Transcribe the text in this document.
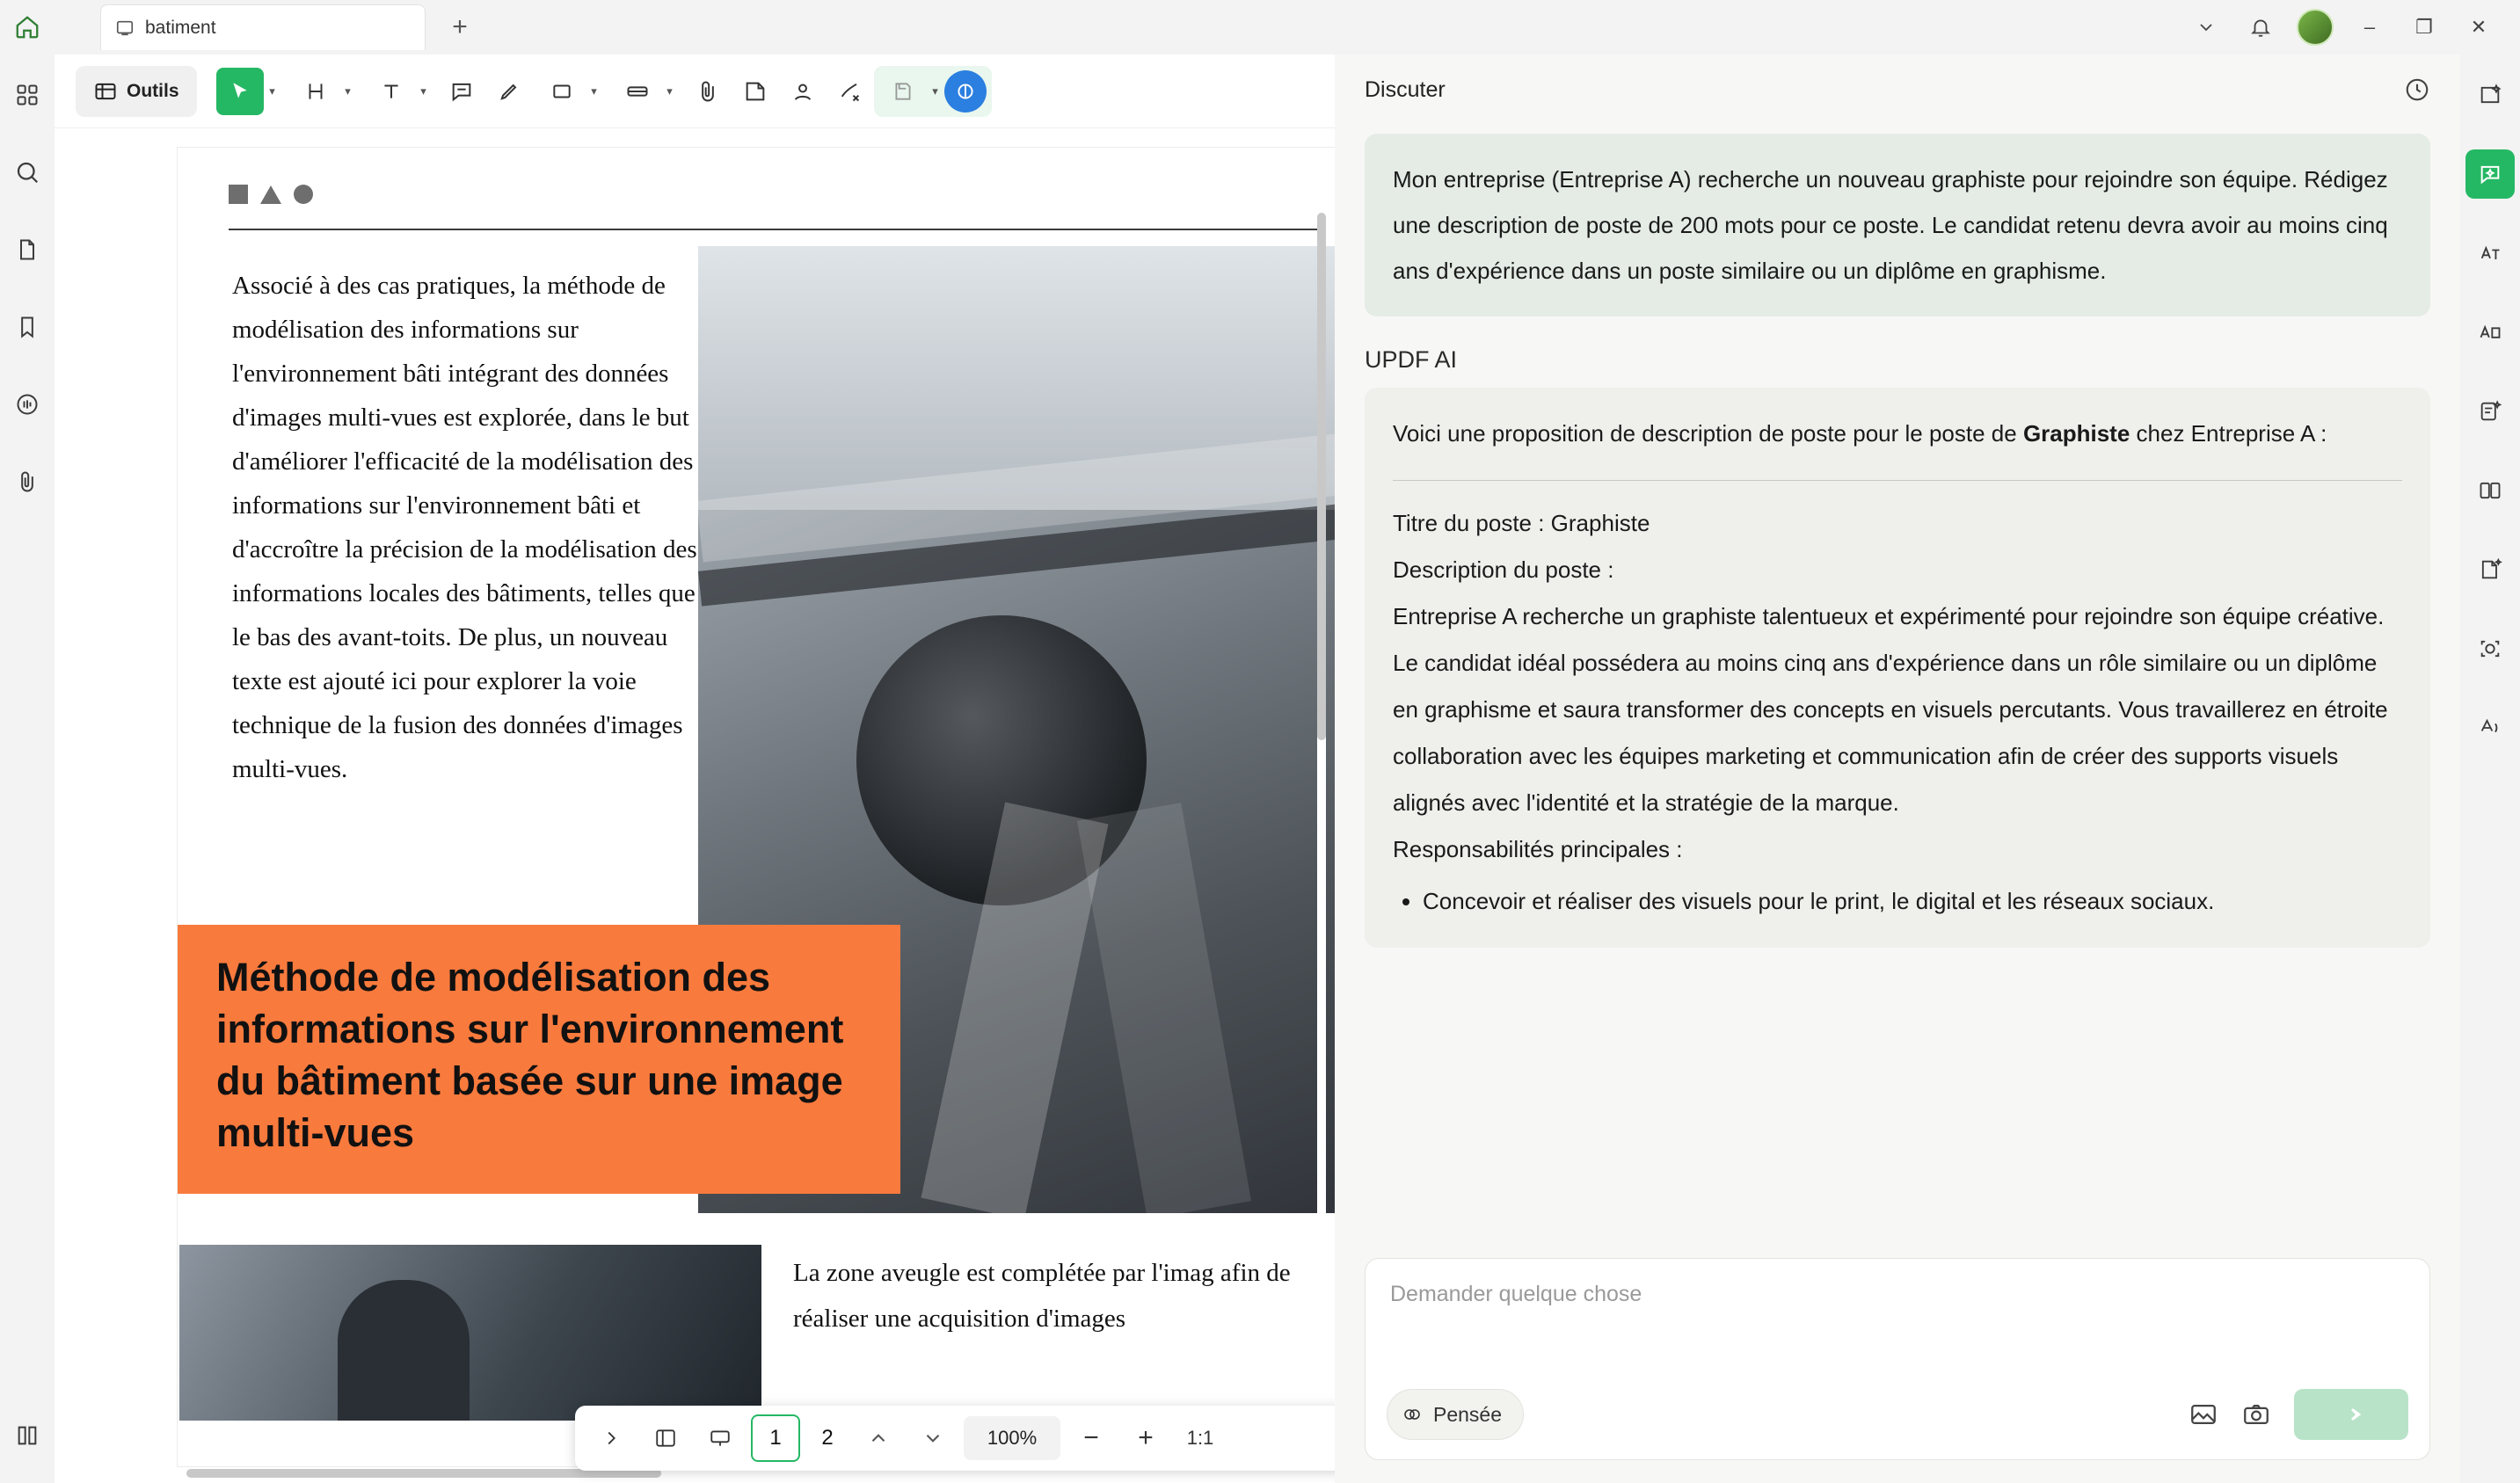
batiment	+	–	❐	✕
Outils	▾	▾	▾	▾	▾	▾
Associé à des cas pratiques, la méthode de modélisation des informations sur l'environnement bâti intégrant des données d'images multi-vues est explorée, dans le but d'améliorer l'efficacité de la modélisation des informations sur l'environnement bâti et d'accroître la précision de la modélisation des informations locales des bâtiments, telles que le bas des avant-toits. De plus, un nouveau texte est ajouté ici pour explorer la voie technique de la fusion des données d'images multi-vues.
Méthode de modélisation des informations sur l'environnement du bâtiment basée sur une image multi-vues
La zone aveugle est complétée par l'imag afin de réaliser une acquisition d'images
1	2	100%	−	+	1:1
Discuter
Mon entreprise (Entreprise A) recherche un nouveau graphiste pour rejoindre son équipe. Rédigez une description de poste de 200 mots pour ce poste. Le candidat retenu devra avoir au moins cinq ans d'expérience dans un poste similaire ou un diplôme en graphisme.
UPDF AI
Voici une proposition de description de poste pour le poste de Graphiste chez Entreprise A :
Titre du poste : Graphiste
Description du poste :
Entreprise A recherche un graphiste talentueux et expérimenté pour rejoindre son équipe créative. Le candidat idéal possédera au moins cinq ans d'expérience dans un rôle similaire ou un diplôme en graphisme et saura transformer des concepts en visuels percutants. Vous travaillerez en étroite collaboration avec les équipes marketing et communication afin de créer des supports visuels alignés avec l'identité et la stratégie de la marque.
Responsabilités principales :
• Concevoir et réaliser des visuels pour le print, le digital et les réseaux sociaux.
Demander quelque chose
Pensée
